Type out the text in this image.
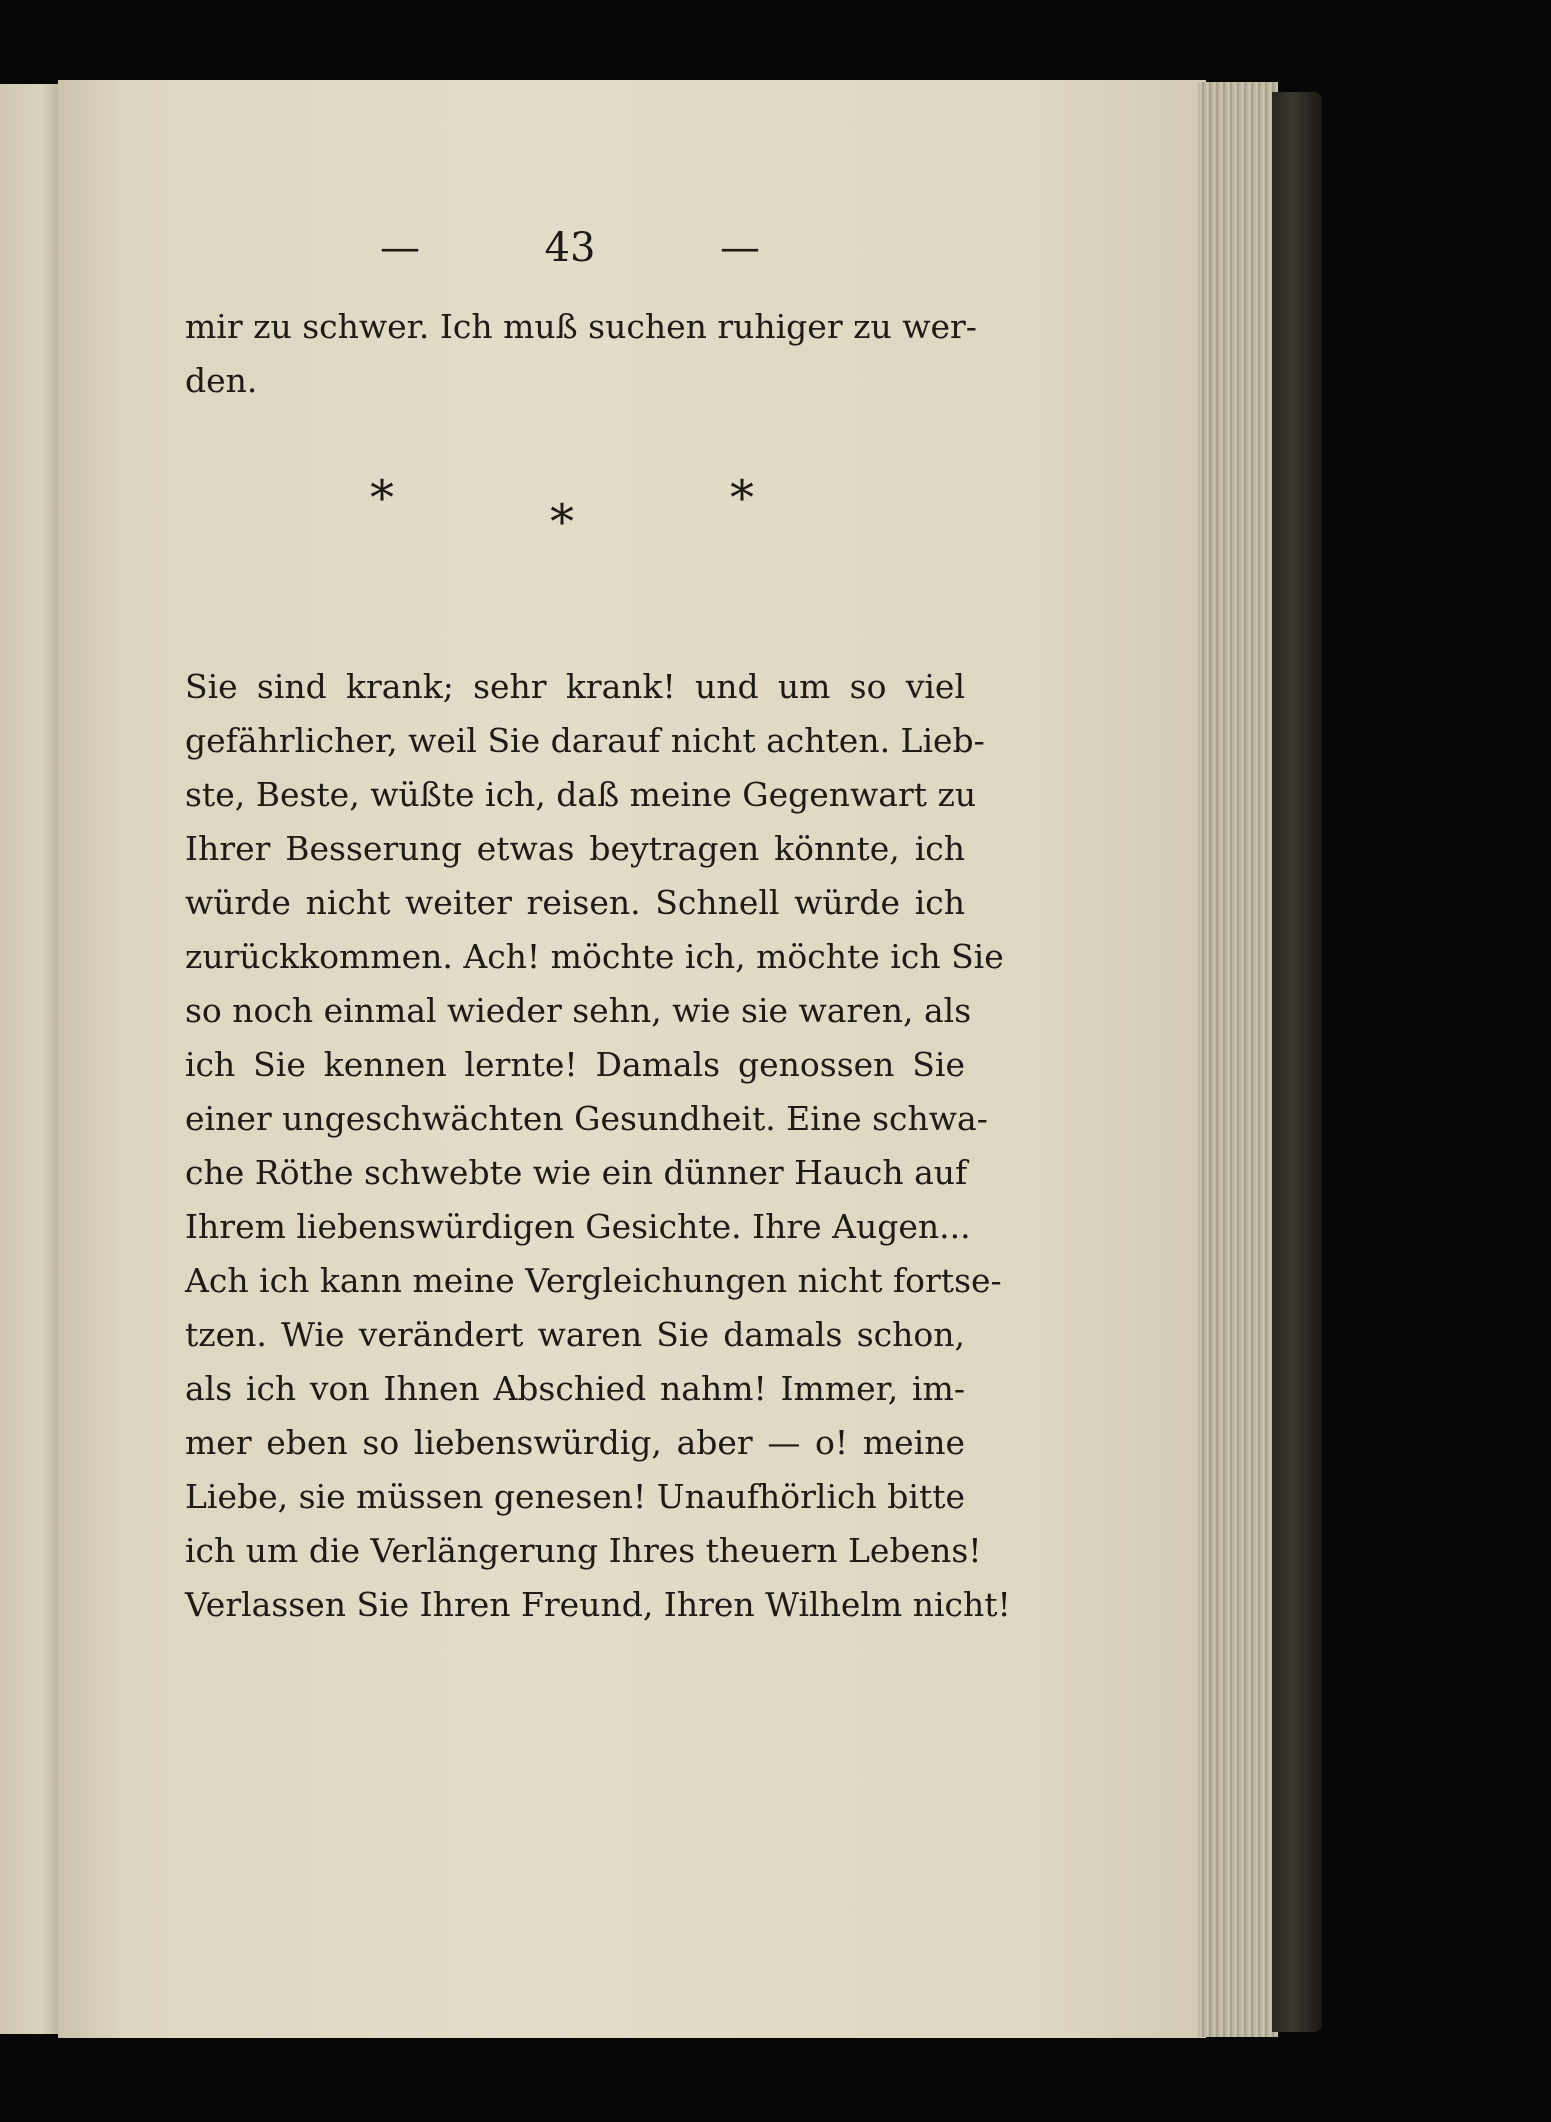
—	43	—
mir zu schwer. Ich muß suchen ruhiger zu wer-
den.
*	*	*
Sie sind krank; sehr krank! und um so viel
gefährlicher, weil Sie darauf nicht achten. Lieb-
ste, Beste, wüßte ich, daß meine Gegenwart zu
Ihrer Besserung etwas beytragen könnte, ich
würde nicht weiter reisen. Schnell würde ich
zurückkommen. Ach! möchte ich, möchte ich Sie
so noch einmal wieder sehn, wie sie waren, als
ich Sie kennen lernte! Damals genossen Sie
einer ungeschwächten Gesundheit. Eine schwa-
che Röthe schwebte wie ein dünner Hauch auf
Ihrem liebenswürdigen Gesichte. Ihre Augen...
Ach ich kann meine Vergleichungen nicht fortse-
tzen. Wie verändert waren Sie damals schon,
als ich von Ihnen Abschied nahm! Immer, im-
mer eben so liebenswürdig, aber — o! meine
Liebe, sie müssen genesen! Unaufhörlich bitte
ich um die Verlängerung Ihres theuern Lebens!
Verlassen Sie Ihren Freund, Ihren Wilhelm nicht!
